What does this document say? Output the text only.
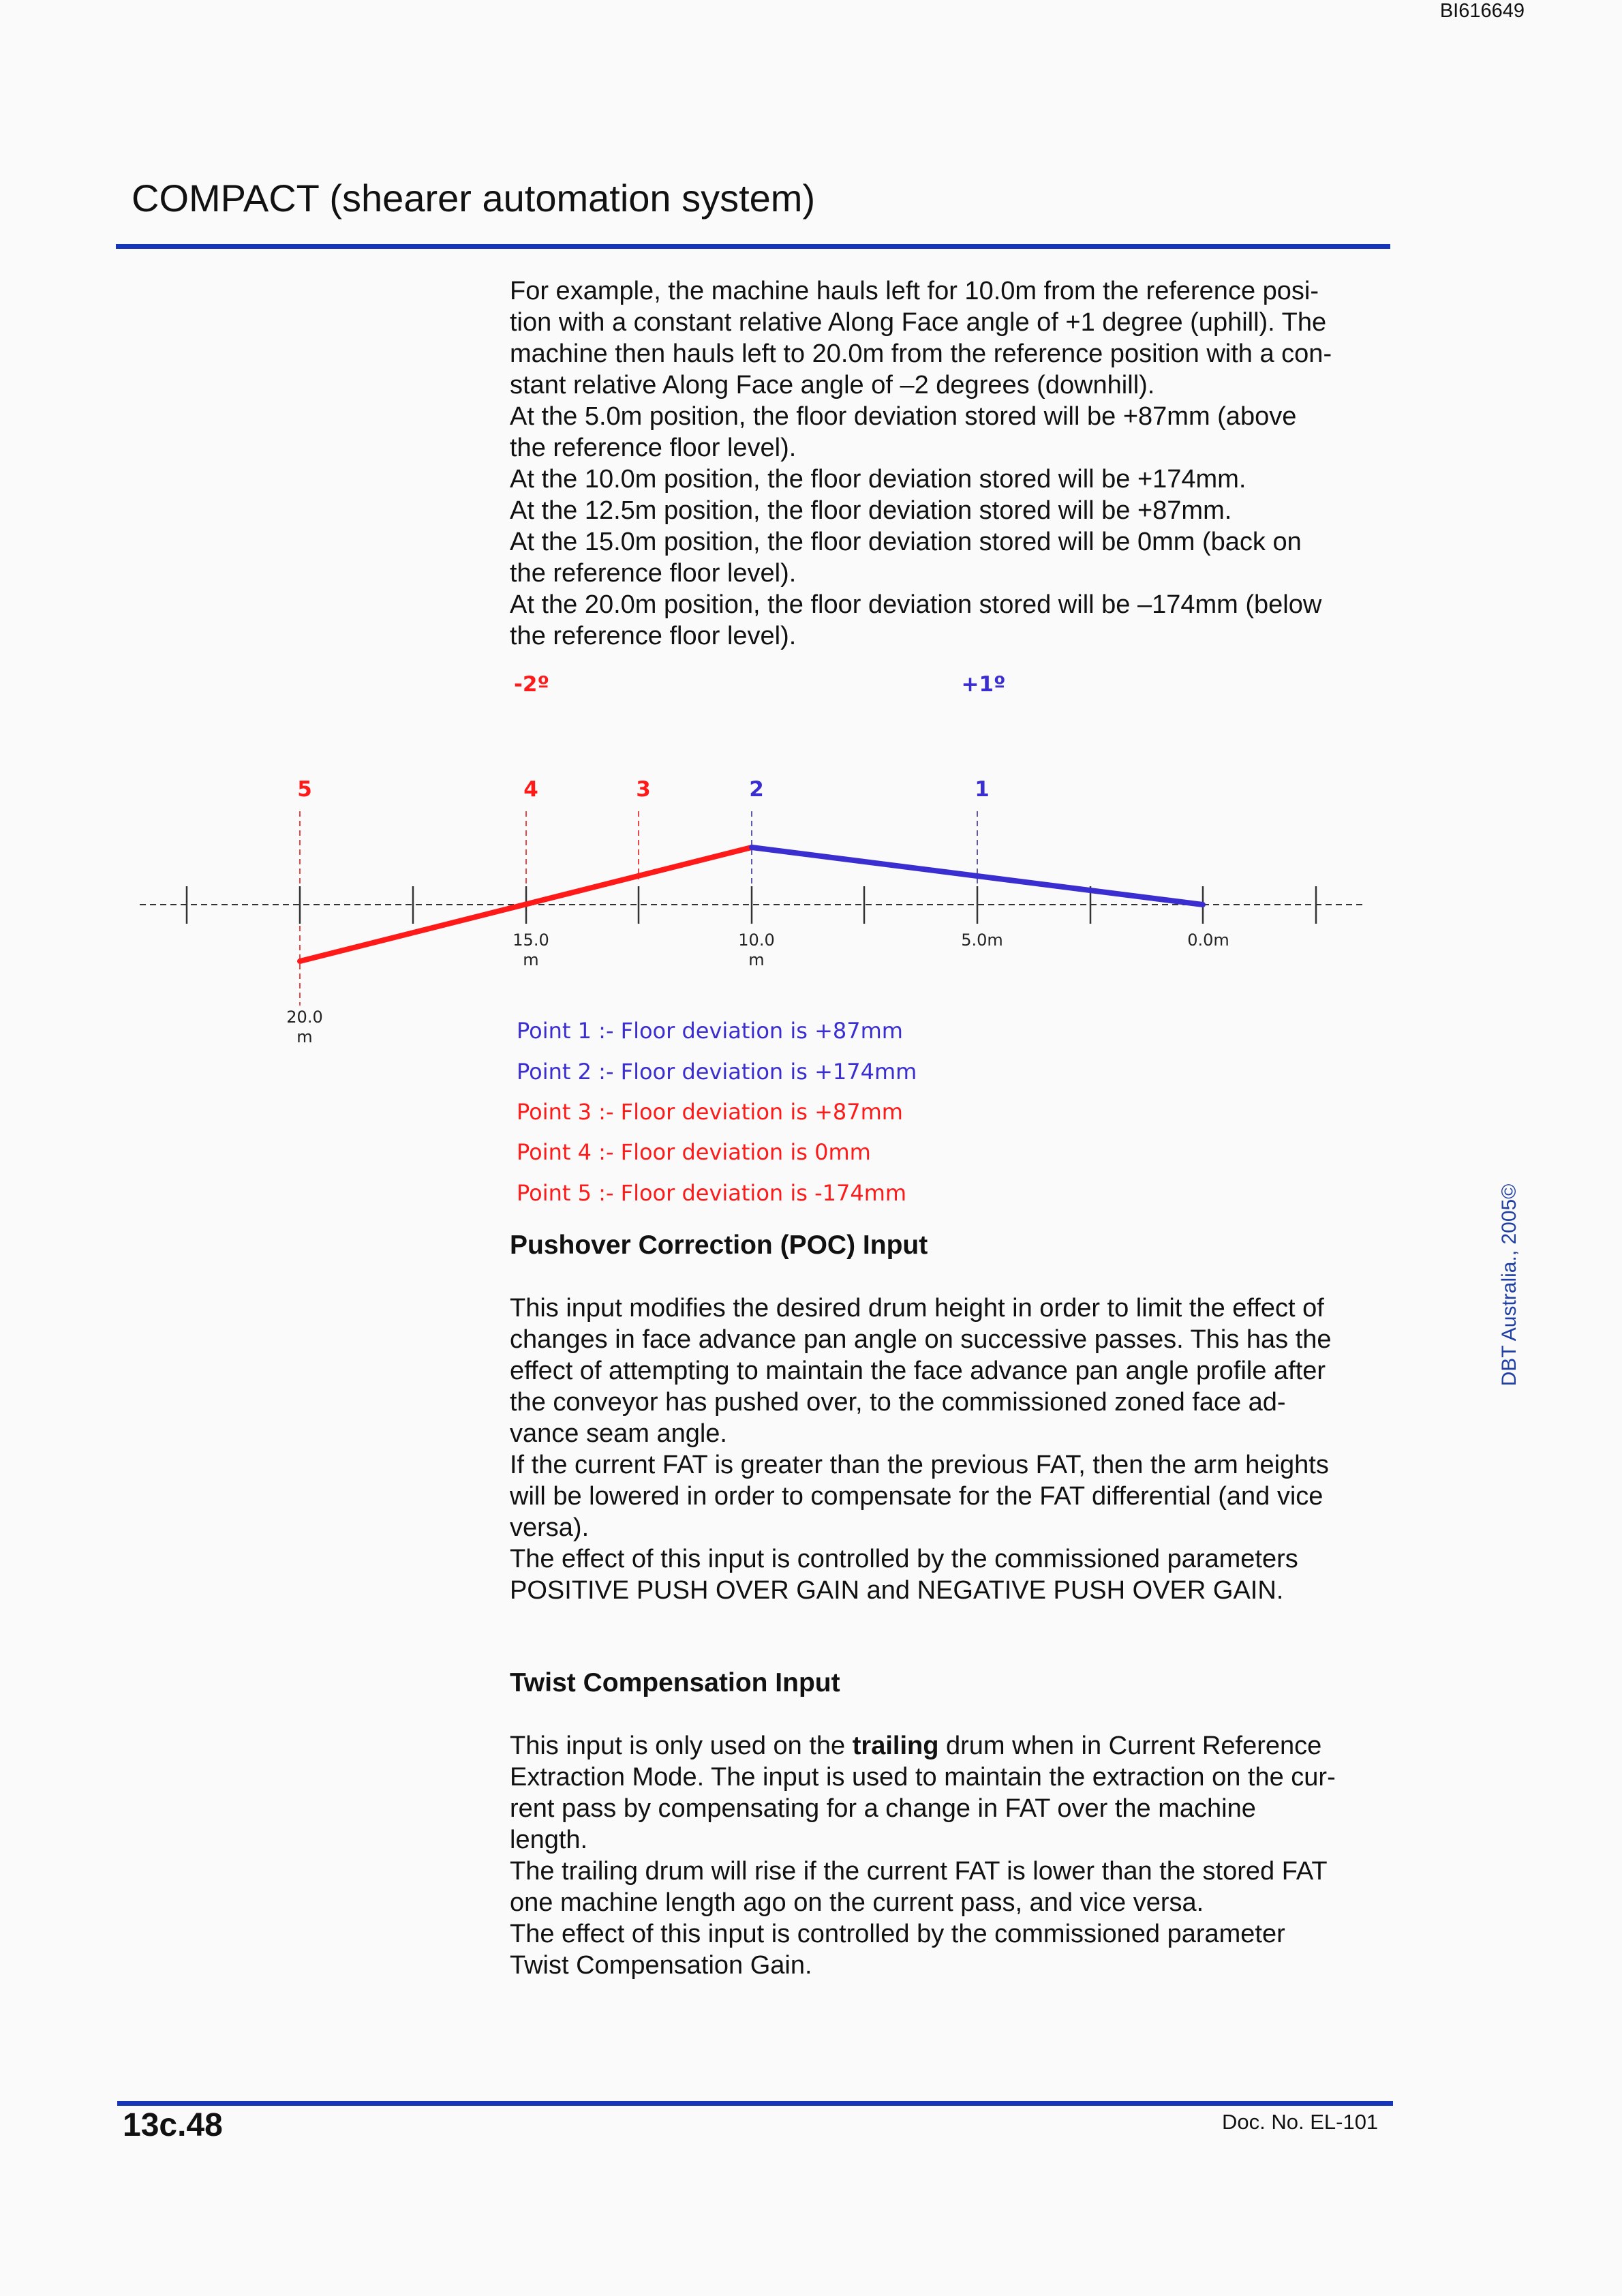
BI616649
COMPACT (shearer automation system)

For example, the machine hauls left for 10.0m from the reference posi-

tion with a constant relative Along Face angle of +1 degree (uphill). The

machine then hauls left to 20.0m from the reference position with a con-

stant relative Along Face angle of –2 degrees (downhill).

At the 5.0m position, the floor deviation stored will be +87mm (above

the reference floor level).

At the 10.0m position, the floor deviation stored will be +174mm.

At the 12.5m position, the floor deviation stored will be +87mm.

At the 15.0m position, the floor deviation stored will be 0mm (back on

the reference floor level).

At the 20.0m position, the floor deviation stored will be –174mm (below

the reference floor level).

-2º	+1º
5	4	3	2	1
15.0
m
10.0
m
5.0m	0.0m
20.0
m	Point 1 :- Floor deviation is +87mm
Point 2 :- Floor deviation is +174mm
Point 3 :- Floor deviation is +87mm
Point 4 :- Floor deviation is 0mm
Point 5 :- Floor deviation is -174mm
Pushover Correction (POC) Input

This input modifies the desired drum height in order to limit the effect of

changes in face advance pan angle on successive passes. This has the

effect of attempting to maintain the face advance pan angle profile after

the conveyor has pushed over, to the commissioned zoned face ad-

vance seam angle.

If the current FAT is greater than the previous FAT, then the arm heights

will be lowered in order to compensate for the FAT differential (and vice

versa).

The effect of this input is controlled by the commissioned parameters

POSITIVE PUSH OVER GAIN and NEGATIVE PUSH OVER GAIN.

Twist Compensation Input

This input is only used on the trailing drum when in Current Reference

Extraction Mode. The input is used to maintain the extraction on the cur-

rent pass by compensating for a change in FAT over the machine

length.

The trailing drum will rise if the current FAT is lower than the stored FAT

one machine length ago on the current pass, and vice versa.

The effect of this input is controlled by the commissioned parameter

Twist Compensation Gain.

DBT Australia., 2005©
13c.48	Doc. No. EL-101
